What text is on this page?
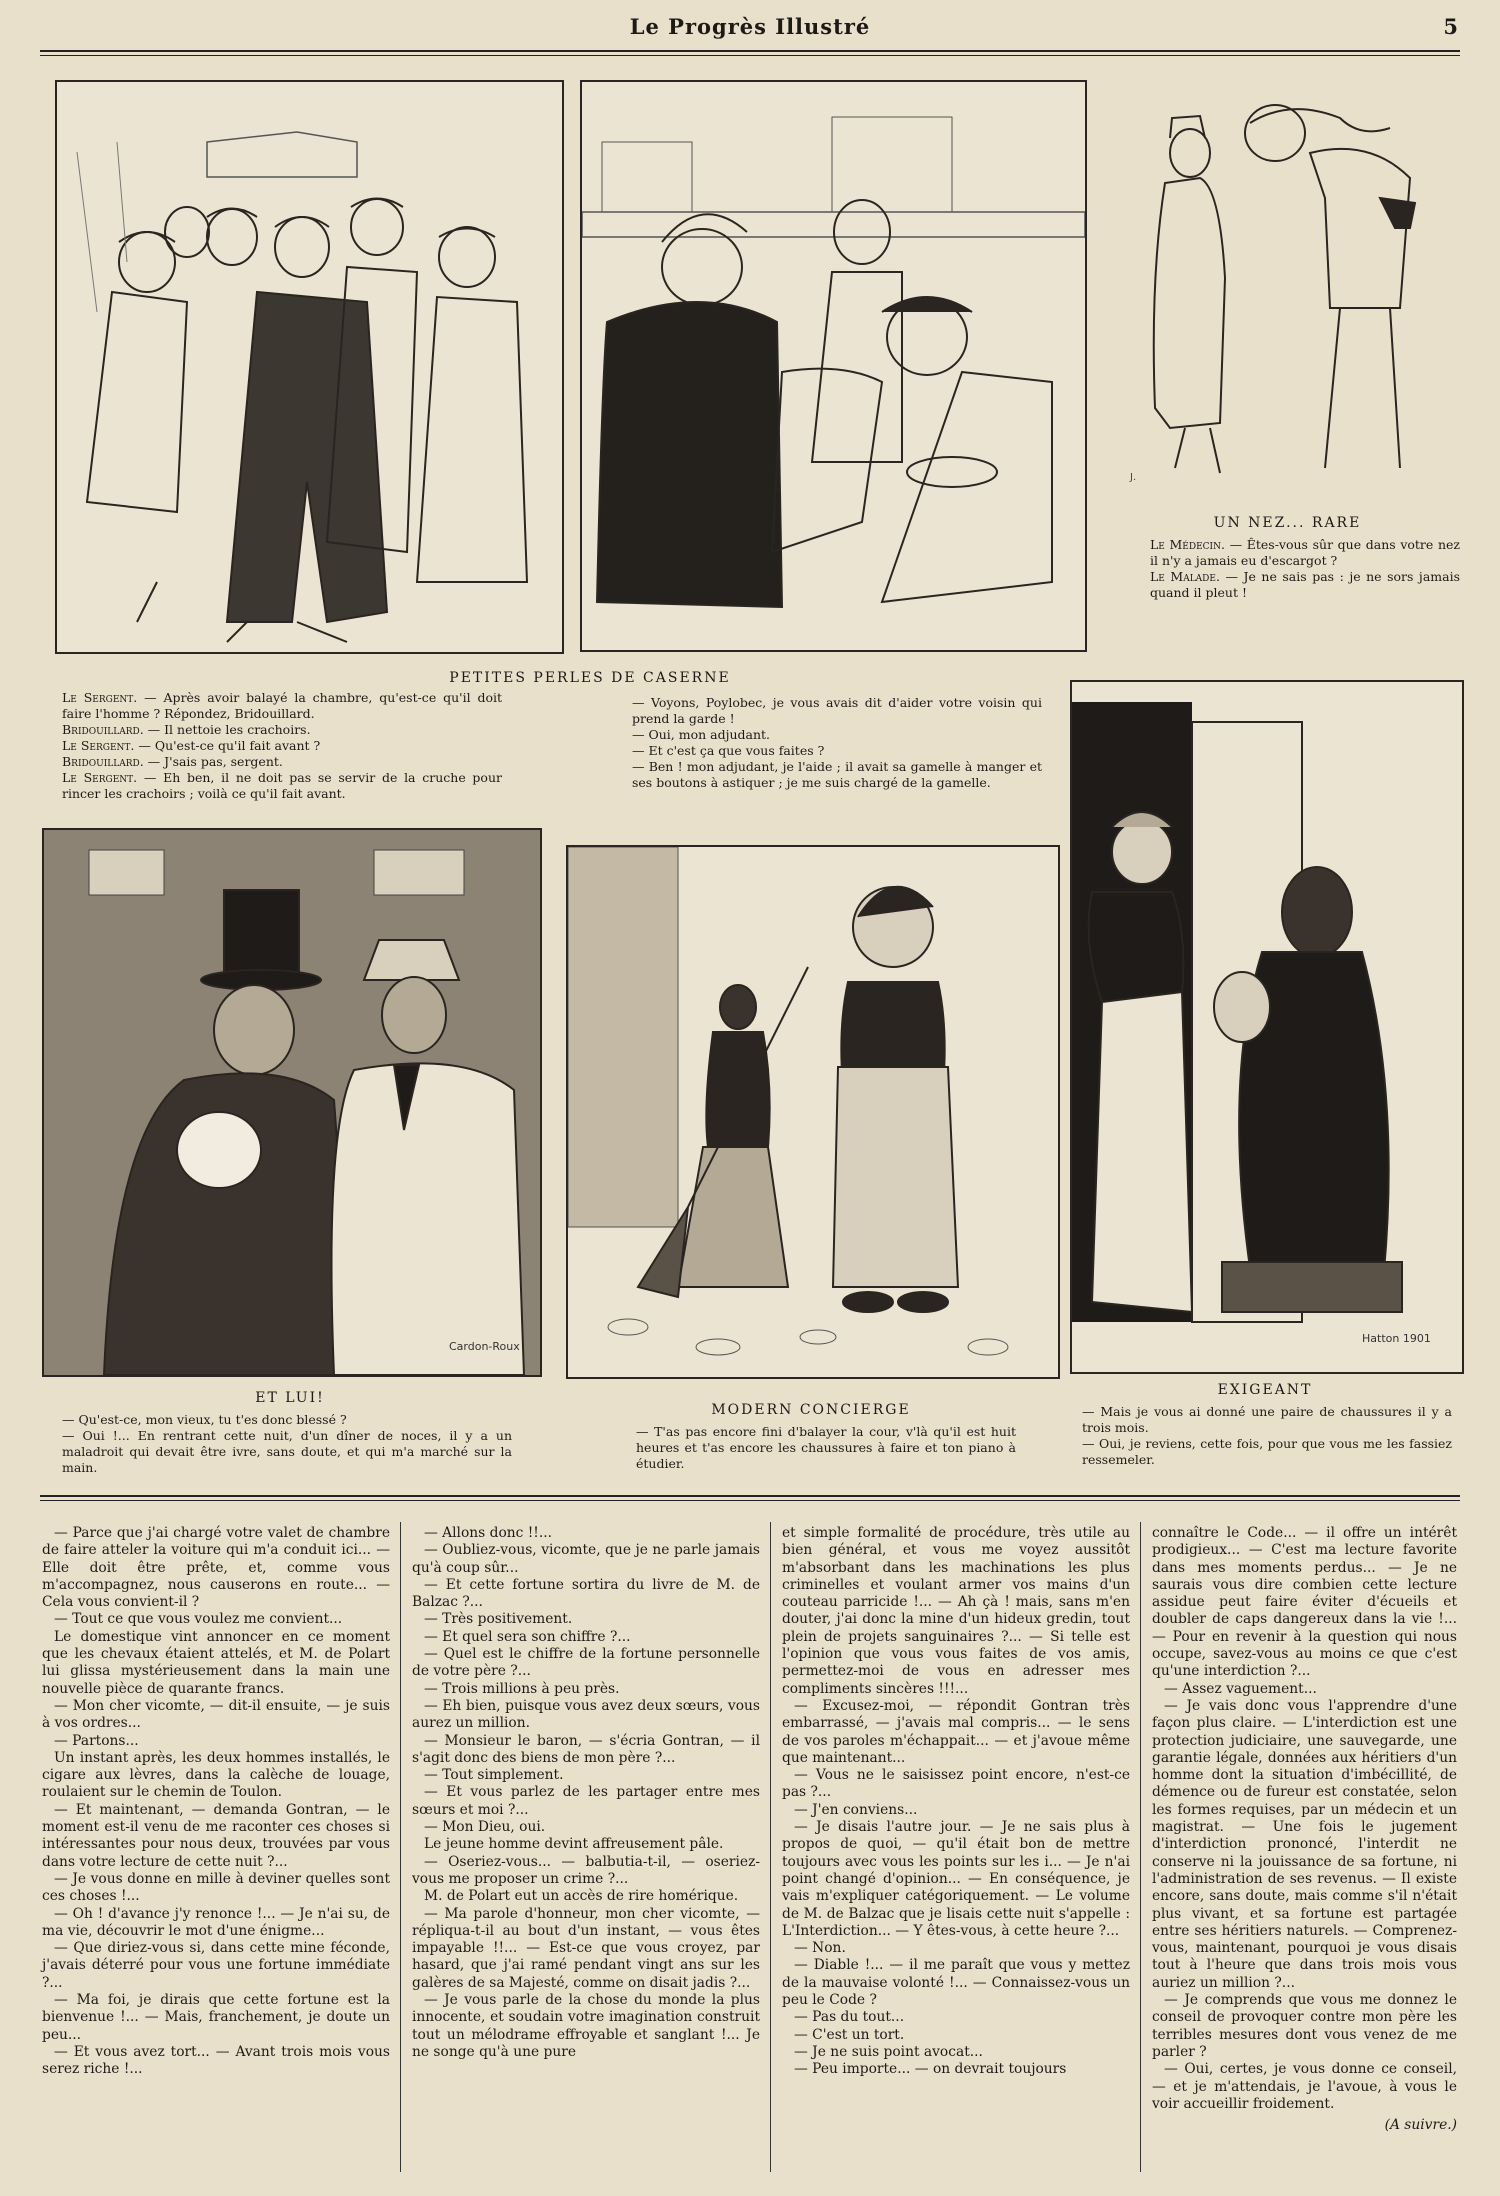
Le Progrès Illustré	5
J.
UN NEZ... RARE

Le Médecin. — Êtes-vous sûr que dans votre nez il n'y a jamais eu d'escargot ?

Le Malade. — Je ne sais pas : je ne sors jamais quand il pleut !

PETITES PERLES DE CASERNE

Le Sergent. — Après avoir balayé la chambre, qu'est-ce qu'il doit faire l'homme ? Répondez, Bridouillard.

Bridouillard. — Il nettoie les crachoirs.

Le Sergent. — Qu'est-ce qu'il fait avant ?

Bridouillard. — J'sais pas, sergent.

Le Sergent. — Eh ben, il ne doit pas se servir de la cruche pour rincer les crachoirs ; voilà ce qu'il fait avant.

— Voyons, Poylobec, je vous avais dit d'aider votre voisin qui prend la garde !

— Oui, mon adjudant.

— Et c'est ça que vous faites ?

— Ben ! mon adjudant, je l'aide ; il avait sa gamelle à manger et ses boutons à astiquer ; je me suis chargé de la gamelle.

Cardon-Roux
ET LUI!

— Qu'est-ce, mon vieux, tu t'es donc blessé ?

— Oui !... En rentrant cette nuit, d'un dîner de noces, il y a un maladroit qui devait être ivre, sans doute, et qui m'a marché sur la main.

MODERN CONCIERGE

— T'as pas encore fini d'balayer la cour, v'là qu'il est huit heures et t'as encore les chaussures à faire et ton piano à étudier.

Hatton 1901
EXIGEANT

— Mais je vous ai donné une paire de chaussures il y a trois mois.

— Oui, je reviens, cette fois, pour que vous me les fassiez ressemeler.

— Parce que j'ai chargé votre valet de chambre de faire atteler la voiture qui m'a conduit ici... — Elle doit être prête, et, comme vous m'accompagnez, nous causerons en route... — Cela vous convient-il ?

— Tout ce que vous voulez me convient...

Le domestique vint annoncer en ce moment que les chevaux étaient attelés, et M. de Polart lui glissa mystérieusement dans la main une nouvelle pièce de quarante francs.

— Mon cher vicomte, — dit-il ensuite, — je suis à vos ordres...

— Partons...

Un instant après, les deux hommes installés, le cigare aux lèvres, dans la calèche de louage, roulaient sur le chemin de Toulon.

— Et maintenant, — demanda Gontran, — le moment est-il venu de me raconter ces choses si intéressantes pour nous deux, trouvées par vous dans votre lecture de cette nuit ?...

— Je vous donne en mille à deviner quelles sont ces choses !...

— Oh ! d'avance j'y renonce !... — Je n'ai su, de ma vie, découvrir le mot d'une énigme...

— Que diriez-vous si, dans cette mine féconde, j'avais déterré pour vous une fortune immédiate ?...

— Ma foi, je dirais que cette fortune est la bienvenue !... — Mais, franchement, je doute un peu...

— Et vous avez tort... — Avant trois mois vous serez riche !...

— Allons donc !!...

— Oubliez-vous, vicomte, que je ne parle jamais qu'à coup sûr...

— Et cette fortune sortira du livre de M. de Balzac ?...

— Très positivement.

— Et quel sera son chiffre ?...

— Quel est le chiffre de la fortune personnelle de votre père ?...

— Trois millions à peu près.

— Eh bien, puisque vous avez deux sœurs, vous aurez un million.

— Monsieur le baron, — s'écria Gontran, — il s'agit donc des biens de mon père ?...

— Tout simplement.

— Et vous parlez de les partager entre mes sœurs et moi ?...

— Mon Dieu, oui.

Le jeune homme devint affreusement pâle.

— Oseriez-vous... — balbutia-t-il, — oseriez-vous me proposer un crime ?...

M. de Polart eut un accès de rire homérique.

— Ma parole d'honneur, mon cher vicomte, — répliqua-t-il au bout d'un instant, — vous êtes impayable !!... — Est-ce que vous croyez, par hasard, que j'ai ramé pendant vingt ans sur les galères de sa Majesté, comme on disait jadis ?...

— Je vous parle de la chose du monde la plus innocente, et soudain votre imagination construit tout un mélodrame effroyable et sanglant !... Je ne songe qu'à une pure

et simple formalité de procédure, très utile au bien général, et vous me voyez aussitôt m'absorbant dans les machinations les plus criminelles et voulant armer vos mains d'un couteau parricide !... — Ah çà ! mais, sans m'en douter, j'ai donc la mine d'un hideux gredin, tout plein de projets sanguinaires ?... — Si telle est l'opinion que vous vous faites de vos amis, permettez-moi de vous en adresser mes compliments sincères !!!...

— Excusez-moi, — répondit Gontran très embarrassé, — j'avais mal compris... — le sens de vos paroles m'échappait... — et j'avoue même que maintenant...

— Vous ne le saisissez point encore, n'est-ce pas ?...

— J'en conviens...

— Je disais l'autre jour. — Je ne sais plus à propos de quoi, — qu'il était bon de mettre toujours avec vous les points sur les i... — Je n'ai point changé d'opinion... — En conséquence, je vais m'expliquer catégoriquement. — Le volume de M. de Balzac que je lisais cette nuit s'appelle : L'Interdiction... — Y êtes-vous, à cette heure ?...

— Non.

— Diable !... — il me paraît que vous y mettez de la mauvaise volonté !... — Connaissez-vous un peu le Code ?

— Pas du tout...

— C'est un tort.

— Je ne suis point avocat...

— Peu importe... — on devrait toujours

connaître le Code... — il offre un intérêt prodigieux... — C'est ma lecture favorite dans mes moments perdus... — Je ne saurais vous dire combien cette lecture assidue peut faire éviter d'écueils et doubler de caps dangereux dans la vie !... — Pour en revenir à la question qui nous occupe, savez-vous au moins ce que c'est qu'une interdiction ?...

— Assez vaguement...

— Je vais donc vous l'apprendre d'une façon plus claire. — L'interdiction est une protection judiciaire, une sauvegarde, une garantie légale, données aux héritiers d'un homme dont la situation d'imbécillité, de démence ou de fureur est constatée, selon les formes requises, par un médecin et un magistrat. — Une fois le jugement d'interdiction prononcé, l'interdit ne conserve ni la jouissance de sa fortune, ni l'administration de ses revenus. — Il existe encore, sans doute, mais comme s'il n'était plus vivant, et sa fortune est partagée entre ses héritiers naturels. — Comprenez-vous, maintenant, pourquoi je vous disais tout à l'heure que dans trois mois vous auriez un million ?...

— Je comprends que vous me donnez le conseil de provoquer contre mon père les terribles mesures dont vous venez de me parler ?

— Oui, certes, je vous donne ce conseil, — et je m'attendais, je l'avoue, à vous le voir accueillir froidement.

(A suivre.)
